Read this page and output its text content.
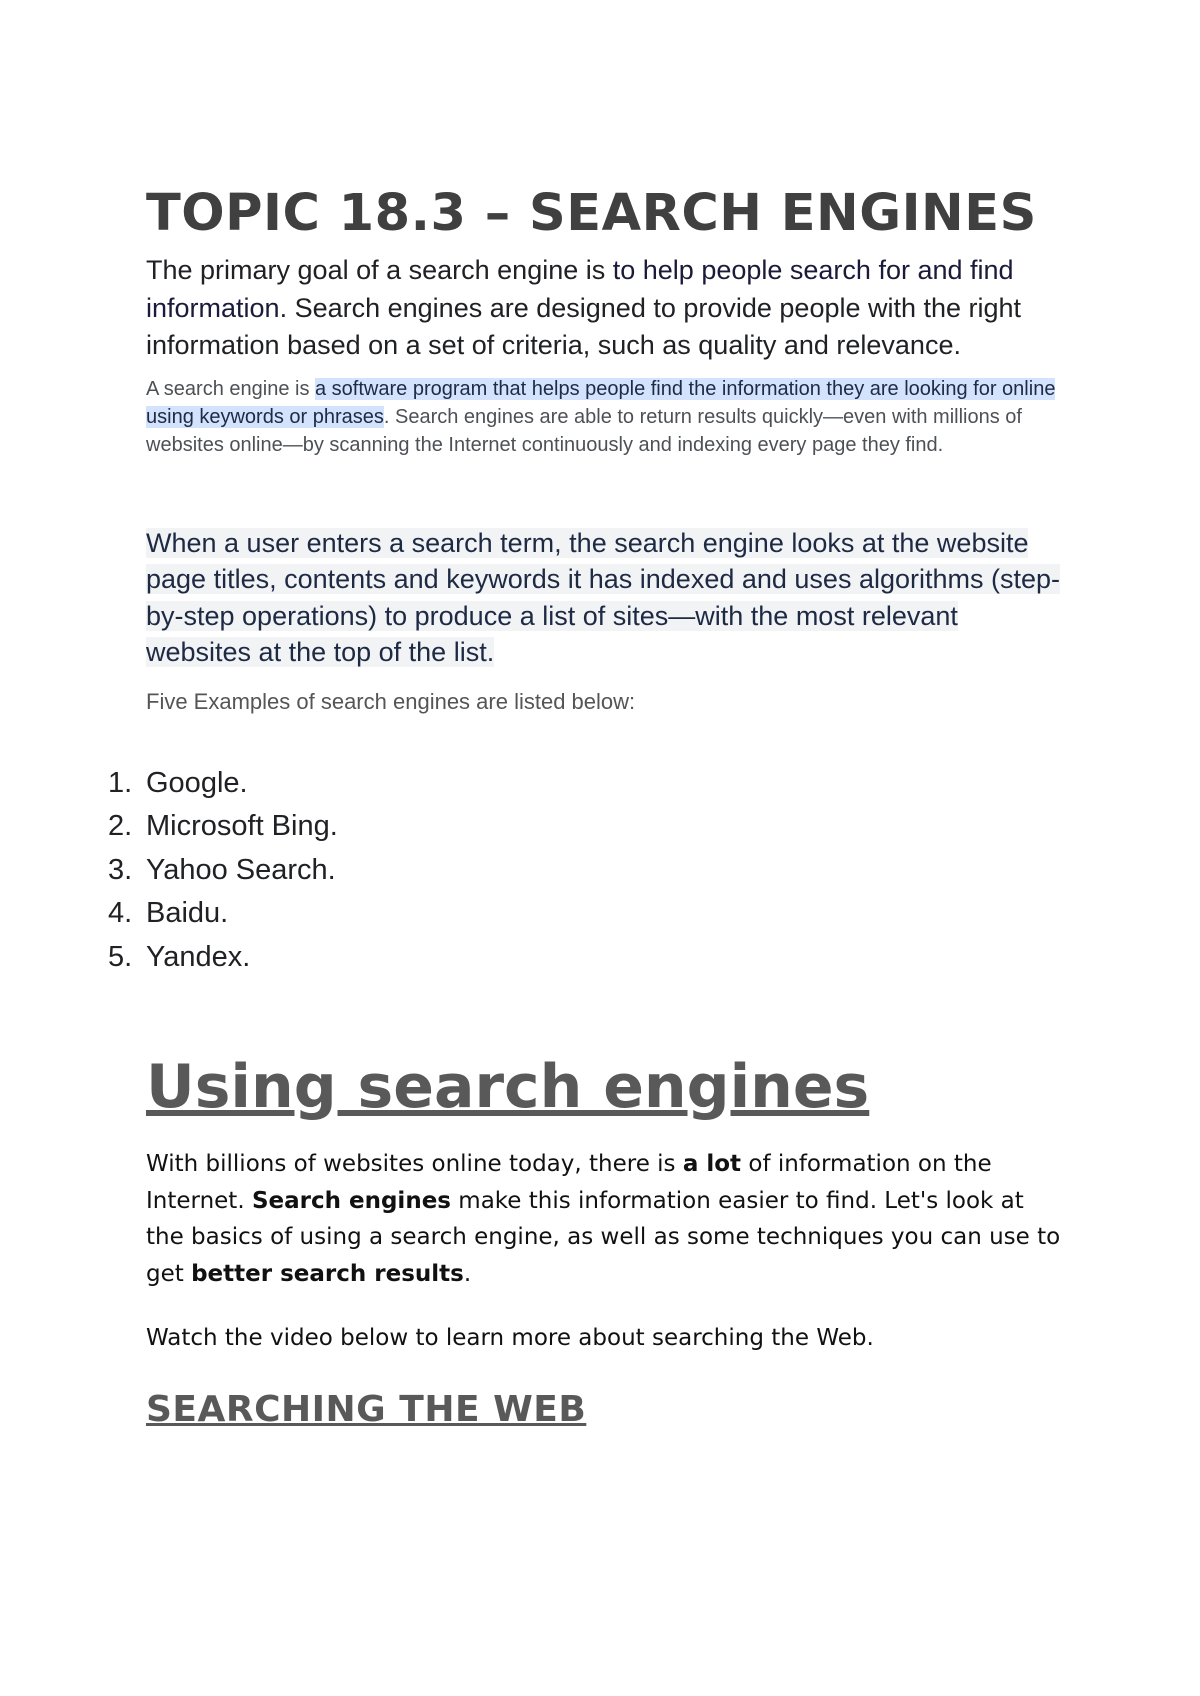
TOPIC 18.3 – SEARCH ENGINES

The primary goal of a search engine is to help people search for and find information. Search engines are designed to provide people with the right information based on a set of criteria, such as quality and relevance.

A search engine is a software program that helps people find the information they are looking for online using keywords or phrases. Search engines are able to return results quickly—even with millions of websites online—by scanning the Internet continuously and indexing every page they find.

When a user enters a search term, the search engine looks at the website page titles, contents and keywords it has indexed and uses algorithms (step-by-step operations) to produce a list of sites—with the most relevant websites at the top of the list.

Five Examples of search engines are listed below:

1. Google.
2. Microsoft Bing.
3. Yahoo Search.
4. Baidu.
5. Yandex.
Using search engines

With billions of websites online today, there is a lot of information on the Internet. Search engines make this information easier to find. Let's look at the basics of using a search engine, as well as some techniques you can use to get better search results.

Watch the video below to learn more about searching the Web.

SEARCHING THE WEB
